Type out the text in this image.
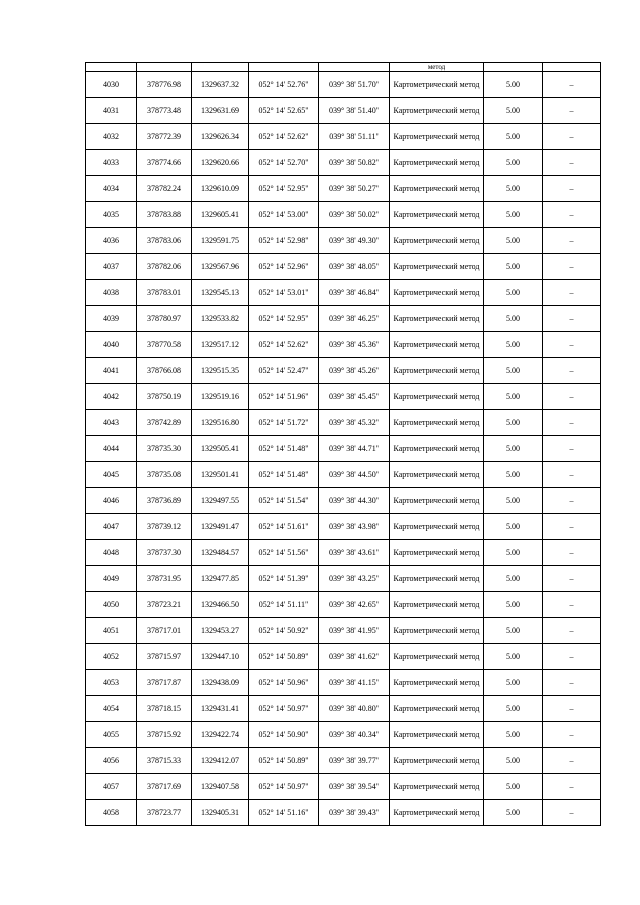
					метод		
4030	378776.98	1329637.32	052° 14' 52.76"	039° 38' 51.70"	Картометрический метод	5.00	–
4031	378773.48	1329631.69	052° 14' 52.65"	039° 38' 51.40"	Картометрический метод	5.00	–
4032	378772.39	1329626.34	052° 14' 52.62"	039° 38' 51.11"	Картометрический метод	5.00	–
4033	378774.66	1329620.66	052° 14' 52.70"	039° 38' 50.82"	Картометрический метод	5.00	–
4034	378782.24	1329610.09	052° 14' 52.95"	039° 38' 50.27"	Картометрический метод	5.00	–
4035	378783.88	1329605.41	052° 14' 53.00"	039° 38' 50.02"	Картометрический метод	5.00	–
4036	378783.06	1329591.75	052° 14' 52.98"	039° 38' 49.30"	Картометрический метод	5.00	–
4037	378782.06	1329567.96	052° 14' 52.96"	039° 38' 48.05"	Картометрический метод	5.00	–
4038	378783.01	1329545.13	052° 14' 53.01"	039° 38' 46.84"	Картометрический метод	5.00	–
4039	378780.97	1329533.82	052° 14' 52.95"	039° 38' 46.25"	Картометрический метод	5.00	–
4040	378770.58	1329517.12	052° 14' 52.62"	039° 38' 45.36"	Картометрический метод	5.00	–
4041	378766.08	1329515.35	052° 14' 52.47"	039° 38' 45.26"	Картометрический метод	5.00	–
4042	378750.19	1329519.16	052° 14' 51.96"	039° 38' 45.45"	Картометрический метод	5.00	–
4043	378742.89	1329516.80	052° 14' 51.72"	039° 38' 45.32"	Картометрический метод	5.00	–
4044	378735.30	1329505.41	052° 14' 51.48"	039° 38' 44.71"	Картометрический метод	5.00	–
4045	378735.08	1329501.41	052° 14' 51.48"	039° 38' 44.50"	Картометрический метод	5.00	–
4046	378736.89	1329497.55	052° 14' 51.54"	039° 38' 44.30"	Картометрический метод	5.00	–
4047	378739.12	1329491.47	052° 14' 51.61"	039° 38' 43.98"	Картометрический метод	5.00	–
4048	378737.30	1329484.57	052° 14' 51.56"	039° 38' 43.61"	Картометрический метод	5.00	–
4049	378731.95	1329477.85	052° 14' 51.39"	039° 38' 43.25"	Картометрический метод	5.00	–
4050	378723.21	1329466.50	052° 14' 51.11"	039° 38' 42.65"	Картометрический метод	5.00	–
4051	378717.01	1329453.27	052° 14' 50.92"	039° 38' 41.95"	Картометрический метод	5.00	–
4052	378715.97	1329447.10	052° 14' 50.89"	039° 38' 41.62"	Картометрический метод	5.00	–
4053	378717.87	1329438.09	052° 14' 50.96"	039° 38' 41.15"	Картометрический метод	5.00	–
4054	378718.15	1329431.41	052° 14' 50.97"	039° 38' 40.80"	Картометрический метод	5.00	–
4055	378715.92	1329422.74	052° 14' 50.90"	039° 38' 40.34"	Картометрический метод	5.00	–
4056	378715.33	1329412.07	052° 14' 50.89"	039° 38' 39.77"	Картометрический метод	5.00	–
4057	378717.69	1329407.58	052° 14' 50.97"	039° 38' 39.54"	Картометрический метод	5.00	–
4058	378723.77	1329405.31	052° 14' 51.16"	039° 38' 39.43"	Картометрический метод	5.00	–
